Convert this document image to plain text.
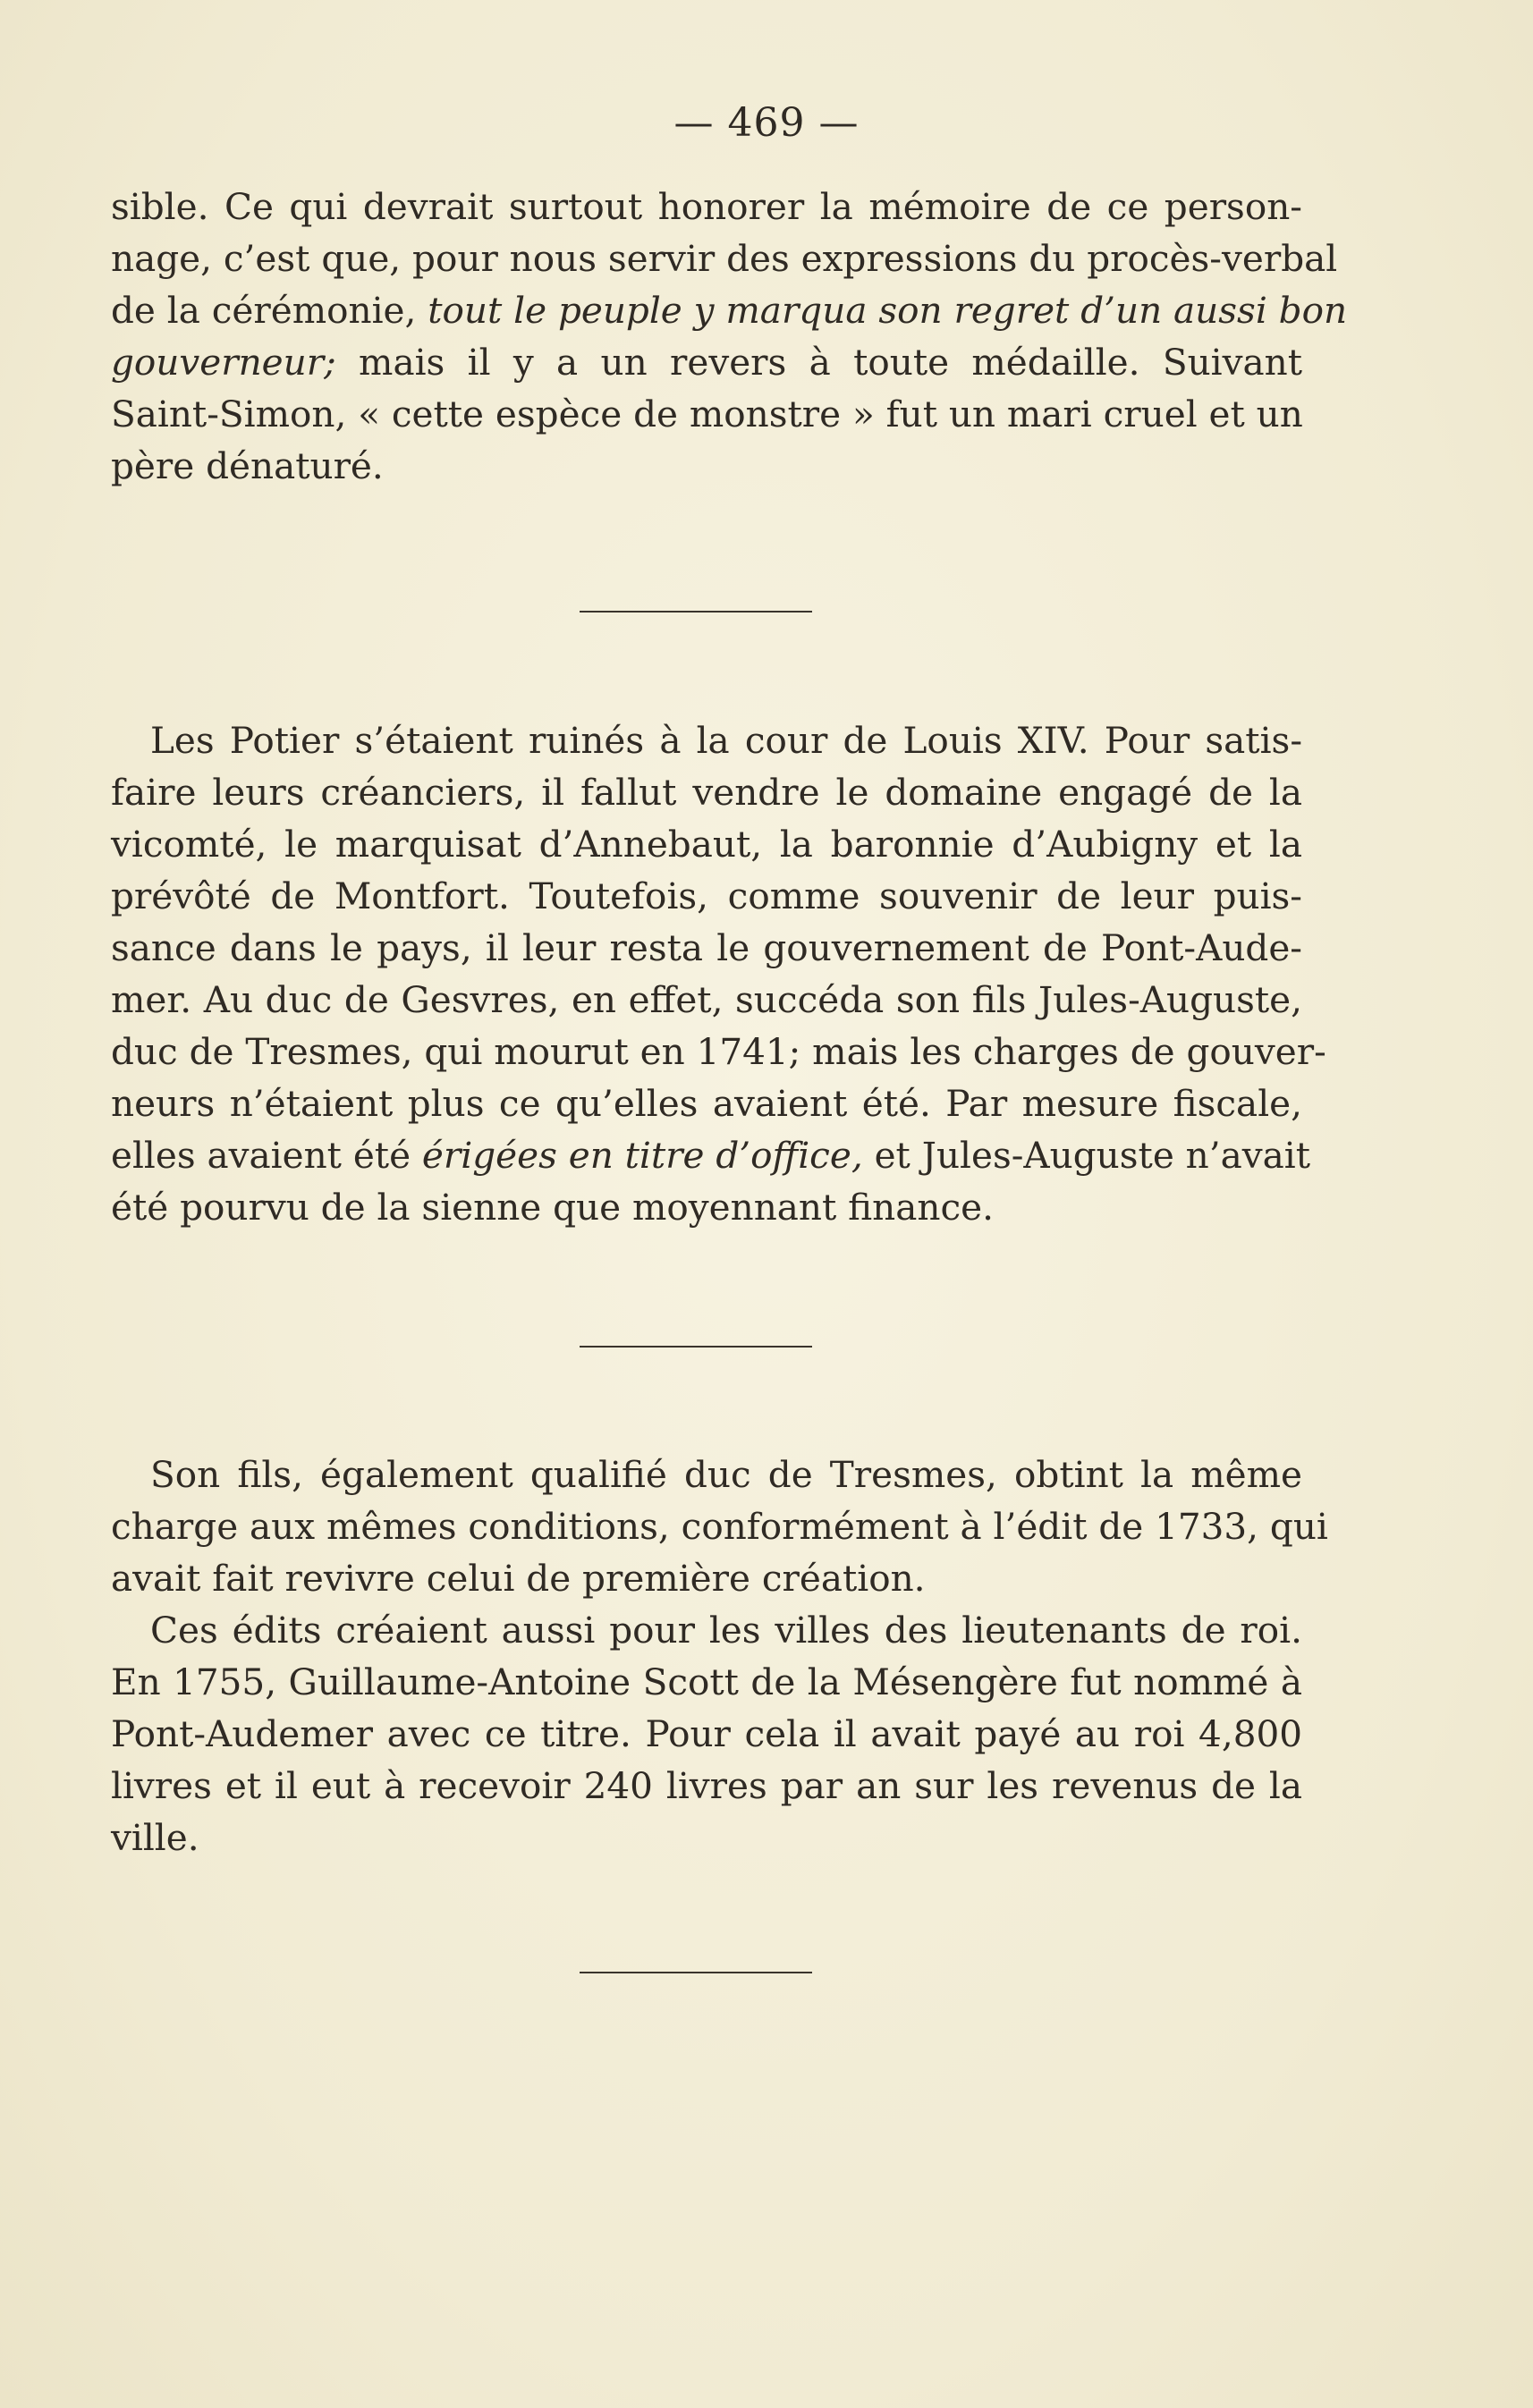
— 469 —
sible. Ce qui devrait surtout honorer la mémoire de ce person-
nage, c’est que, pour nous servir des expressions du procès-verbal
de la cérémonie, tout le peuple y marqua son regret d’un aussi bon
gouverneur; mais il y a un revers à toute médaille. Suivant
Saint-Simon, « cette espèce de monstre » fut un mari cruel et un
père dénaturé.
Les Potier s’étaient ruinés à la cour de Louis XIV. Pour satis-
faire leurs créanciers, il fallut vendre le domaine engagé de la
vicomté, le marquisat d’Annebaut, la baronnie d’Aubigny et la
prévôté de Montfort. Toutefois, comme souvenir de leur puis-
sance dans le pays, il leur resta le gouvernement de Pont-Aude-
mer. Au duc de Gesvres, en effet, succéda son fils Jules-Auguste,
duc de Tresmes, qui mourut en 1741; mais les charges de gouver-
neurs n’étaient plus ce qu’elles avaient été. Par mesure fiscale,
elles avaient été érigées en titre d’office, et Jules-Auguste n’avait
été pourvu de la sienne que moyennant finance.
Son fils, également qualifié duc de Tresmes, obtint la même
charge aux mêmes conditions, conformément à l’édit de 1733, qui
avait fait revivre celui de première création.
Ces édits créaient aussi pour les villes des lieutenants de roi.
En 1755, Guillaume-Antoine Scott de la Mésengère fut nommé à
Pont-Audemer avec ce titre. Pour cela il avait payé au roi 4,800
livres et il eut à recevoir 240 livres par an sur les revenus de la
ville.
